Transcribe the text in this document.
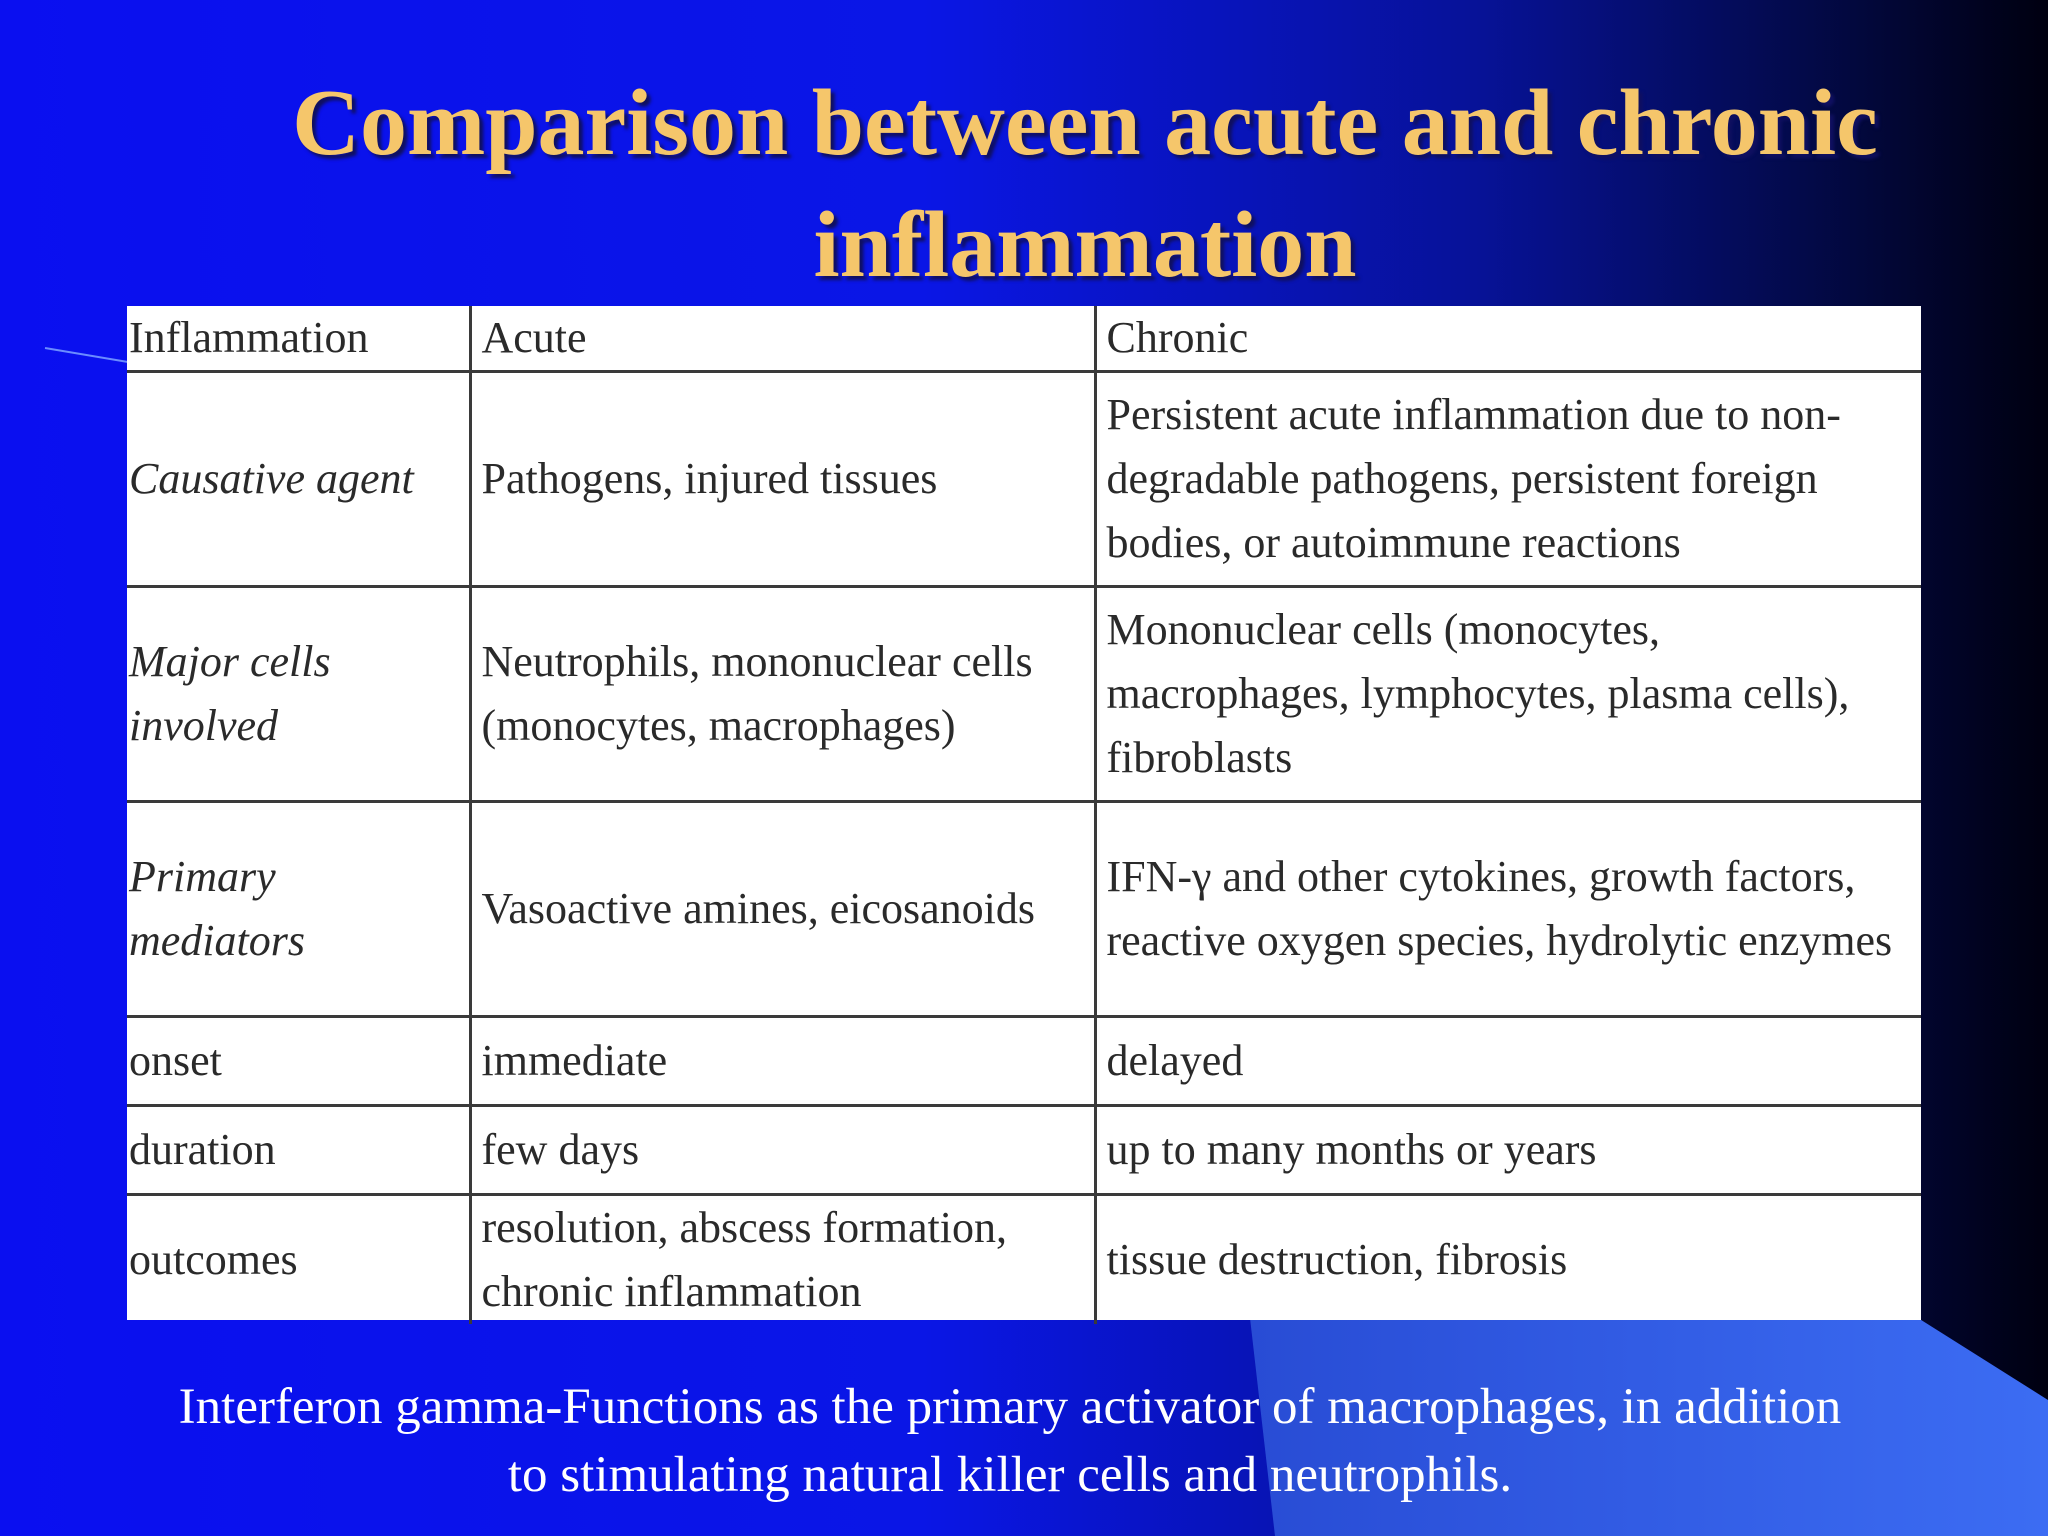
Comparison between acute and chronic inflammation
Inflammation	Acute	Chronic
Causative agent	Pathogens, injured tissues	Persistent acute inflammation due to non-degradable pathogens, persistent foreign bodies, or autoimmune reactions
Major cells involved	Neutrophils, mononuclear cells (monocytes, macrophages)	Mononuclear cells (monocytes, macrophages, lymphocytes, plasma cells), fibroblasts
Primary mediators	Vasoactive amines, eicosanoids	IFN-γ and other cytokines, growth factors, reactive oxygen species, hydrolytic enzymes
onset	immediate	delayed
duration	few days	up to many months or years
outcomes	resolution, abscess formation, chronic inflammation	tissue destruction, fibrosis
Interferon gamma-Functions as the primary activator of macrophages, in addition to stimulating natural killer cells and neutrophils.
